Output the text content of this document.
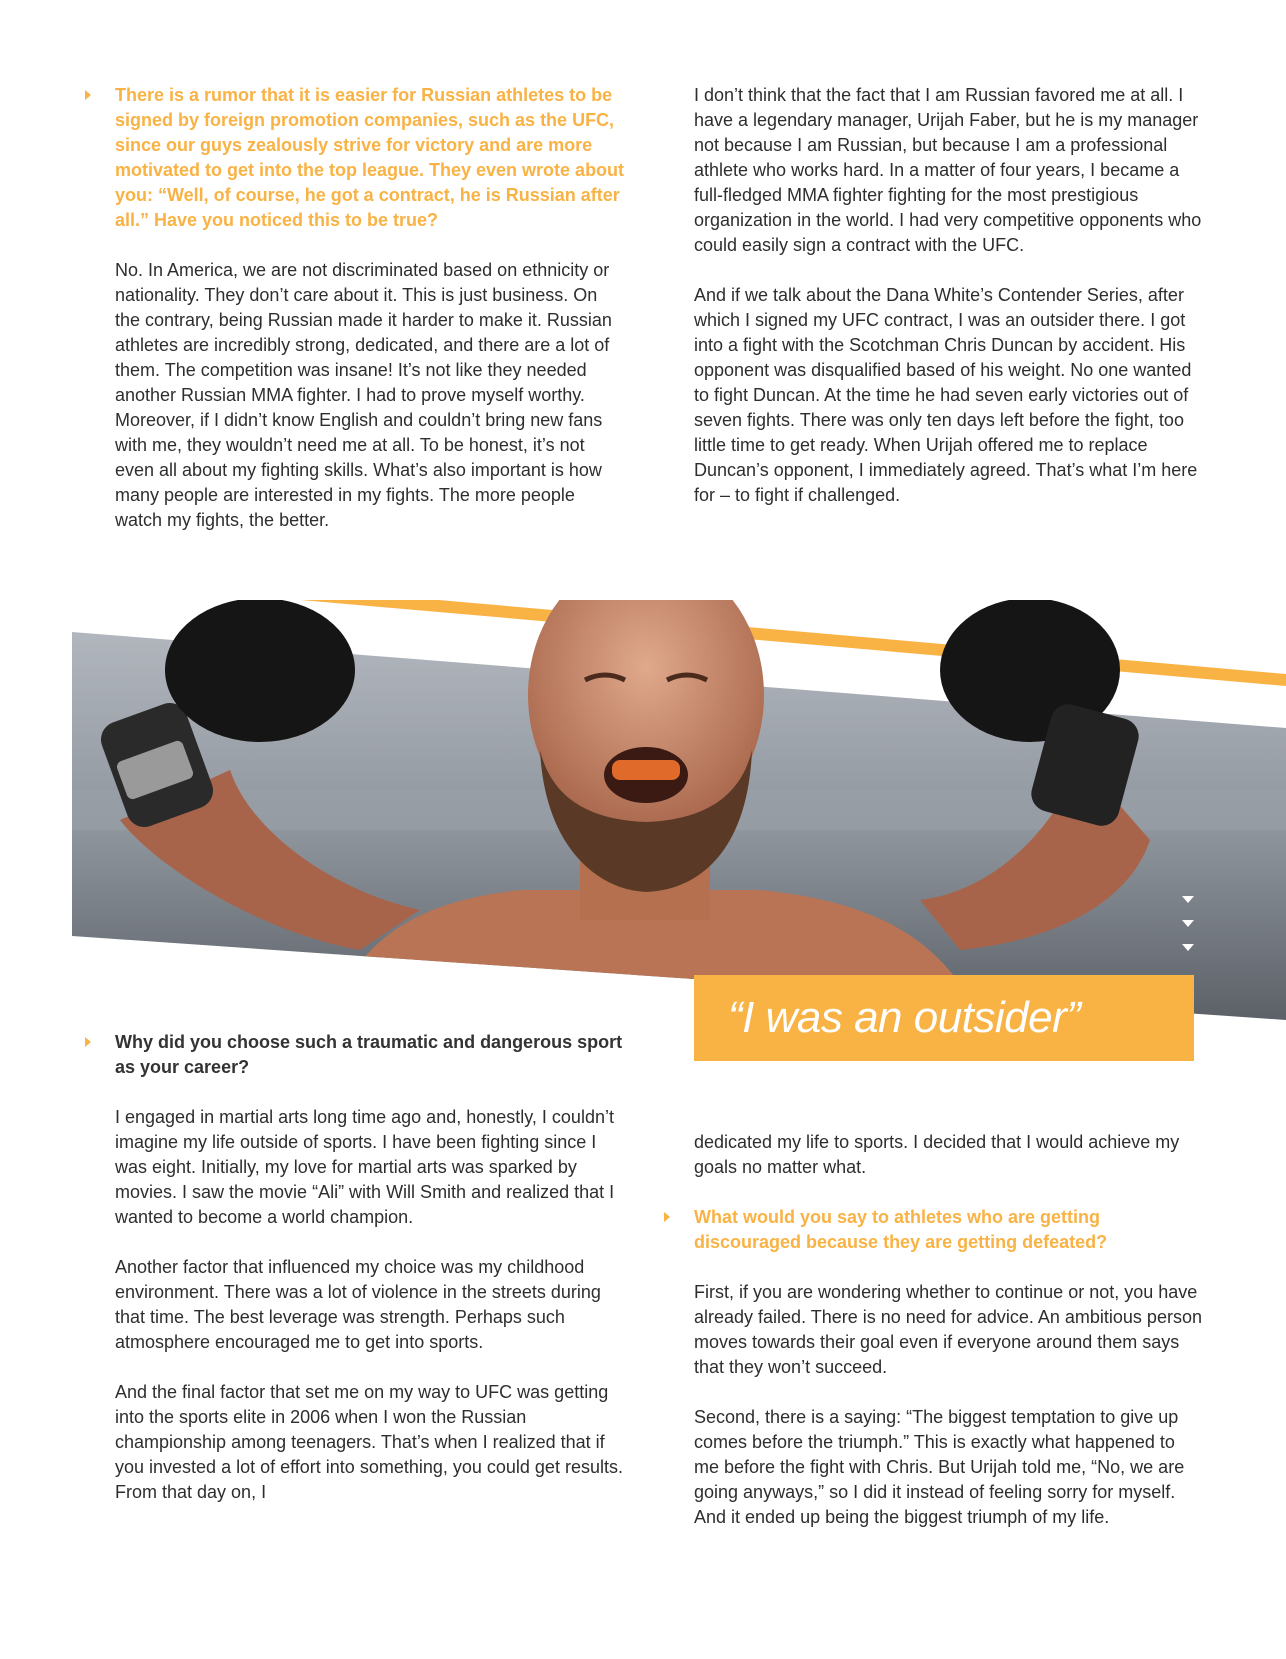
There is a rumor that it is easier for Russian athletes to be signed by foreign promotion companies, such as the UFC, since our guys zealously strive for victory and are more motivated to get into the top league. They even wrote about you: “Well, of course, he got a contract, he is Russian after all.” Have you noticed this to be true?

No. In America, we are not discriminated based on ethnicity or nationality. They don’t care about it. This is just business. On the contrary, being Russian made it harder to make it. Russian athletes are incredibly strong, dedicated, and there are a lot of them. The competition was insane! It’s not like they needed another Russian MMA fighter. I had to prove myself worthy. Moreover, if I didn’t know English and couldn’t bring new fans with me, they wouldn’t need me at all. To be honest, it’s not even all about my fighting skills. What’s also important is how many people are interested in my fights. The more people watch my fights, the better.

I don’t think that the fact that I am Russian favored me at all. I have a legendary manager, Urijah Faber, but he is my manager not because I am Russian, but because I am a professional athlete who works hard. In a matter of four years, I became a full-fledged MMA fighter fighting for the most prestigious organization in the world. I had very competitive opponents who could easily sign a contract with the UFC.

And if we talk about the Dana White’s Contender Series, after which I signed my UFC contract, I was an outsider there. I got into a fight with the Scotchman Chris Duncan by accident. His opponent was disqualified based of his weight. No one wanted to fight Duncan. At the time he had seven early victories out of seven fights. There was only ten days left before the fight, too little time to get ready. When Urijah offered me to replace Duncan’s opponent, I immediately agreed. That’s what I’m here for – to fight if challenged.

“I was an outsider”

Why did you choose such a traumatic and dangerous sport as your career?

I engaged in martial arts long time ago and, honestly, I couldn’t imagine my life outside of sports. I have been fighting since I was eight. Initially, my love for martial arts was sparked by movies. I saw the movie “Ali” with Will Smith and realized that I wanted to become a world champion.

Another factor that influenced my choice was my childhood environment. There was a lot of violence in the streets during that time. The best leverage was strength. Perhaps such atmosphere encouraged me to get into sports.

And the final factor that set me on my way to UFC was getting into the sports elite in 2006 when I won the Russian championship among teenagers. That’s when I realized that if you invested a lot of effort into something, you could get results. From that day on, I

dedicated my life to sports. I decided that I would achieve my goals no matter what.

What would you say to athletes who are getting discouraged because they are getting defeated?

First, if you are wondering whether to continue or not, you have already failed. There is no need for advice. An ambitious person moves towards their goal even if everyone around them says that they won’t succeed.

Second, there is a saying: “The biggest temptation to give up comes before the triumph.” This is exactly what happened to me before the fight with Chris. But Urijah told me, “No, we are going anyways,” so I did it instead of feeling sorry for myself. And it ended up being the biggest triumph of my life.
